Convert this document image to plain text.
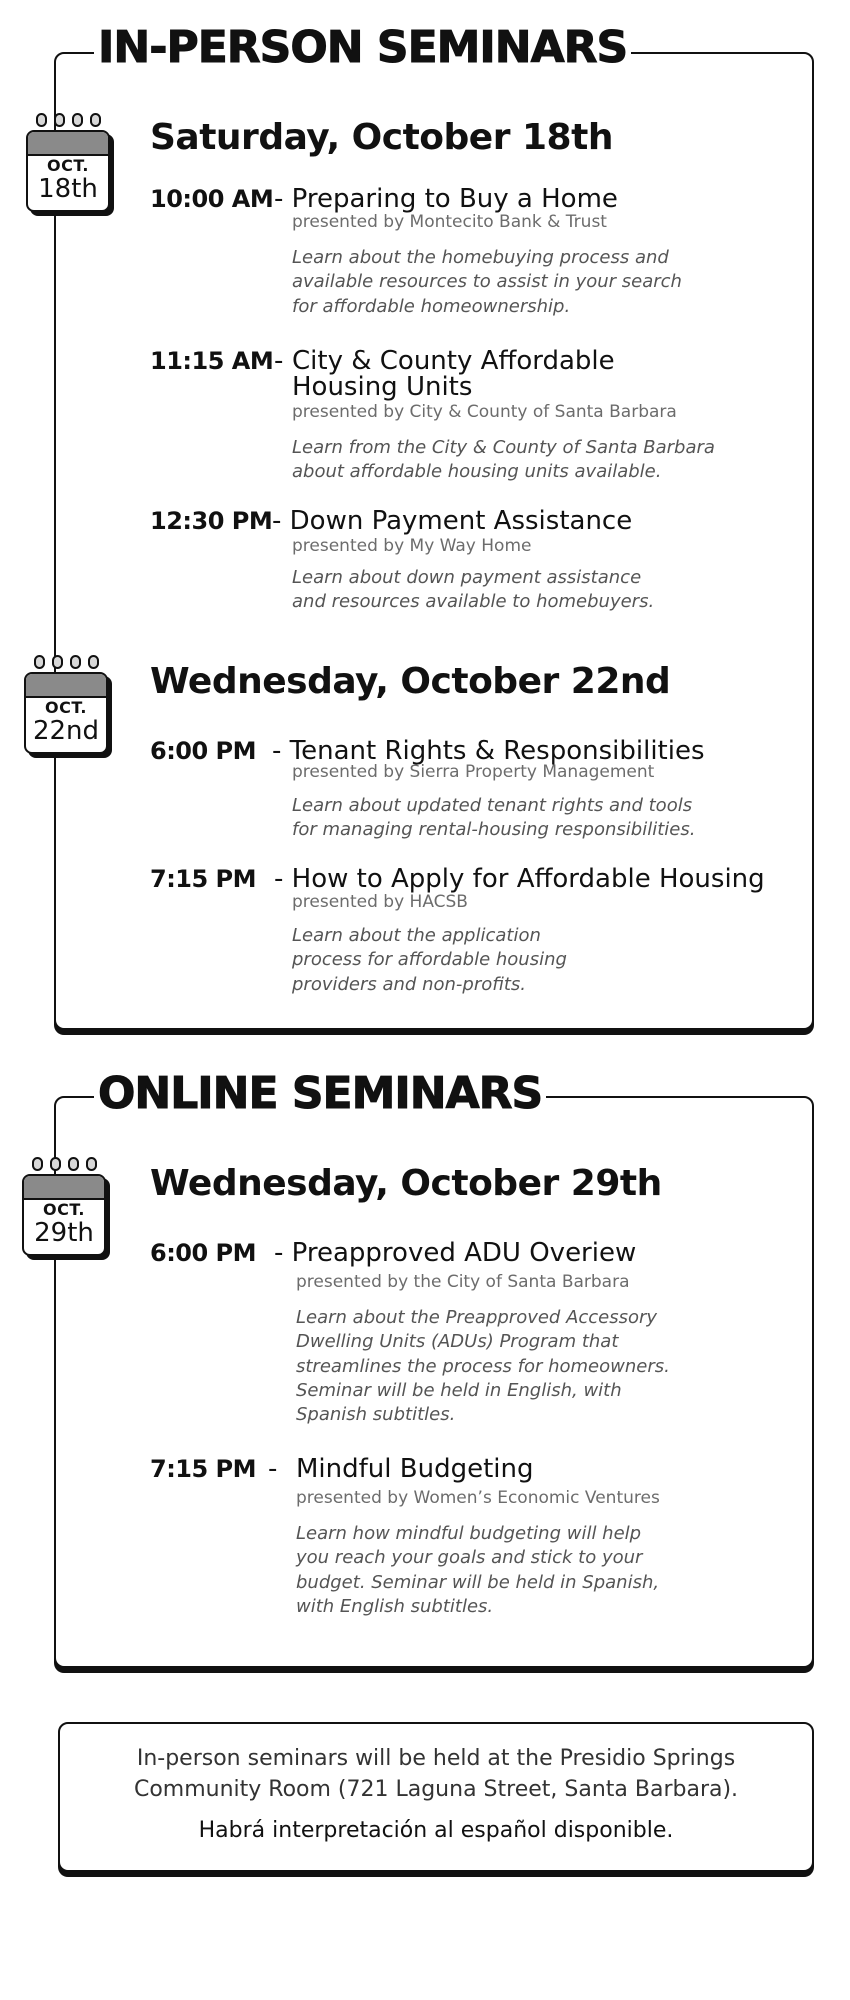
IN-PERSON SEMINARS
OCT.
18th
Saturday, October 18th
10:00 AM - Preparing to Buy a Home
presented by Montecito Bank & Trust
Learn about the homebuying process and
available resources to assist in your search
for affordable homeownership.
11:15 AM - City & County Affordable
Housing Units
presented by City & County of Santa Barbara
Learn from the City & County of Santa Barbara
about affordable housing units available.
12:30 PM - Down Payment Assistance
presented by My Way Home
Learn about down payment assistance
and resources available to homebuyers.
OCT.
22nd
Wednesday, October 22nd
6:00 PM - Tenant Rights & Responsibilities
presented by Sierra Property Management
Learn about updated tenant rights and tools
for managing rental-housing responsibilities.
7:15 PM - How to Apply for Affordable Housing
presented by HACSB
Learn about the application
process for affordable housing
providers and non-profits.
ONLINE SEMINARS
OCT.
29th
Wednesday, October 29th
6:00 PM - Preapproved ADU Overiew
presented by the City of Santa Barbara
Learn about the Preapproved Accessory
Dwelling Units (ADUs) Program that
streamlines the process for homeowners.
Seminar will be held in English, with
Spanish subtitles.
7:15 PM - Mindful Budgeting
presented by Women’s Economic Ventures
Learn how mindful budgeting will help
you reach your goals and stick to your
budget. Seminar will be held in Spanish,
with English subtitles.
In-person seminars will be held at the Presidio Springs Community Room (721 Laguna Street, Santa Barbara).
Habrá interpretación al español disponible.
